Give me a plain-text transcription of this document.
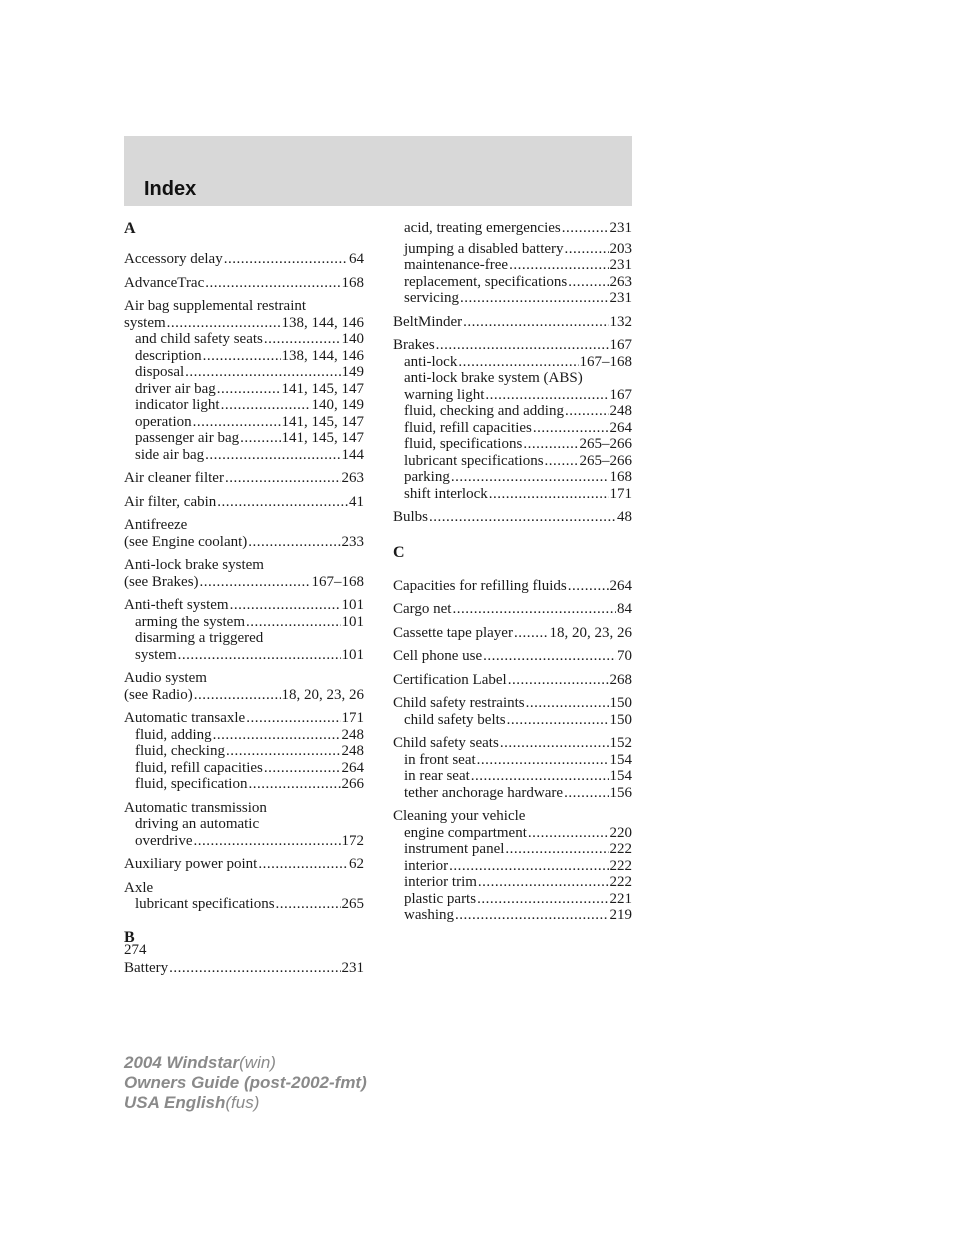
Index
A
Accessory delay .....	64
AdvanceTrac .....	168
Air bag supplemental restraint
system .....	138, 144, 146
and child safety seats .....	140
description .....	138, 144, 146
disposal .....	149
driver air bag .....	141, 145, 147
indicator light .....	140, 149
operation .....	141, 145, 147
passenger air bag .....	141, 145, 147
side air bag .....	144
Air cleaner filter .....	263
Air filter, cabin .....	41
Antifreeze
(see Engine coolant) .....	233
Anti-lock brake system
(see Brakes) .....	167–168
Anti-theft system .....	101
arming the system .....	101
disarming a triggered
system .....	101
Audio system
(see Radio) .....	18, 20, 23, 26
Automatic transaxle .....	171
fluid, adding .....	248
fluid, checking .....	248
fluid, refill capacities .....	264
fluid, specification .....	266
Automatic transmission
driving an automatic
overdrive .....	172
Auxiliary power point .....	62
Axle
lubricant specifications .....	265
B
Battery .....	231
acid, treating emergencies .....	231
jumping a disabled battery .....	203
maintenance-free .....	231
replacement, specifications .....	263
servicing .....	231
BeltMinder .....	132
Brakes .....	167
anti-lock .....	167–168
anti-lock brake system (ABS)
warning light .....	167
fluid, checking and adding .....	248
fluid, refill capacities .....	264
fluid, specifications .....	265–266
lubricant specifications ..... 265–266
parking .....	168
shift interlock .....	171
Bulbs .....	48
C
Capacities for refilling fluids .....	264
Cargo net .....	84
Cassette tape player ..... 18, 20, 23, 26
Cell phone use .....	70
Certification Label .....	268
Child safety restraints .....	150
child safety belts .....	150
Child safety seats .....	152
in front seat .....	154
in rear seat .....	154
tether anchorage hardware .....	156
Cleaning your vehicle
engine compartment .....	220
instrument panel .....	222
interior .....	222
interior trim .....	222
plastic parts .....	221
washing .....	219
274
2004 Windstar(win)
Owners Guide (post-2002-fmt)
USA English(fus)
